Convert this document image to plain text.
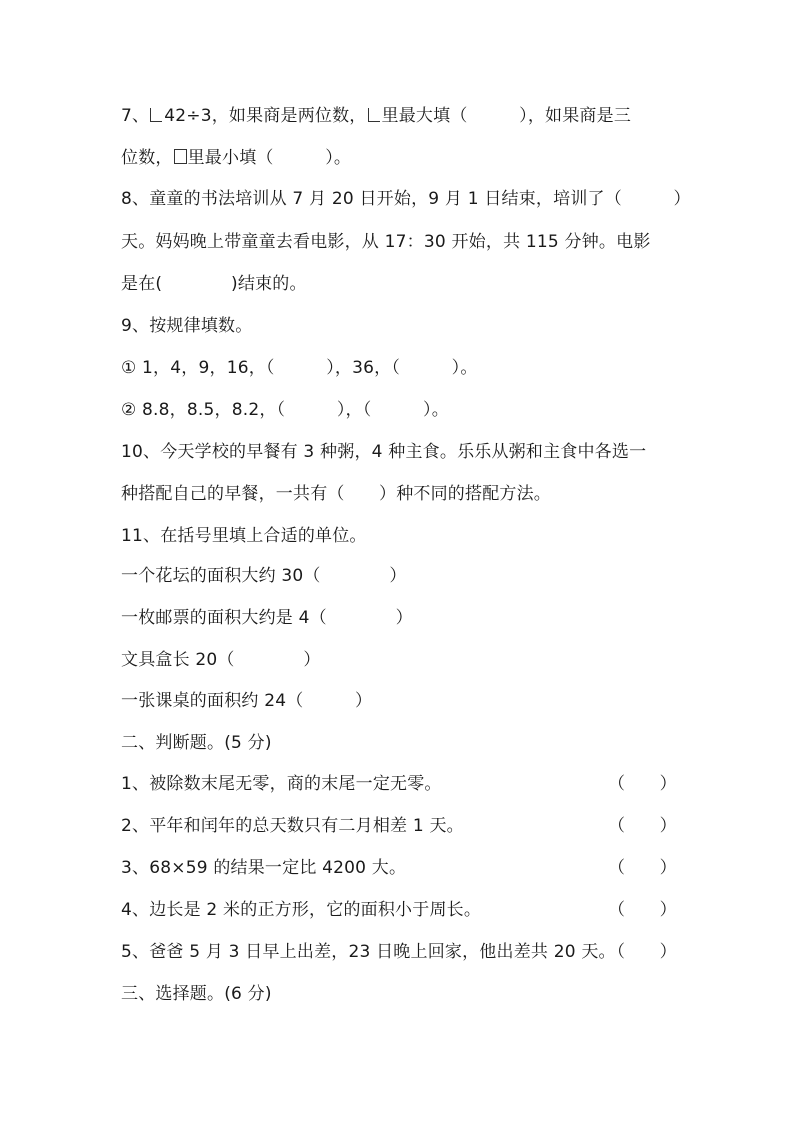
7、 42÷3，如果商是两位数， 里最大填（　　　），如果商是三
位数， 里最小填（　　　）。
8、童童的书法培训从 7 月 20 日开始，9 月 1 日结束，培训了（　　　）
天。妈妈晚上带童童去看电影，从 17：30 开始，共 115 分钟。电影
是在(　　　　)结束的。
9、按规律填数。
① 1，4，9，16，（　　　），36，（　　　）。
② 8.8，8.5，8.2，（　　　），（　　　）。
10、今天学校的早餐有 3 种粥，4 种主食。乐乐从粥和主食中各选一
种搭配自己的早餐，一共有（　　）种不同的搭配方法。
11、在括号里填上合适的单位。
一个花坛的面积大约 30（　　　　）
一枚邮票的面积大约是 4（　　　　）
文具盒长 20（　　　　）
一张课桌的面积约 24（　　　）
二、判断题。(5 分)
1、被除数末尾无零，商的末尾一定无零。	（　　）
2、平年和闰年的总天数只有二月相差 1 天。	（　　）
3、68×59 的结果一定比 4200 大。	（　　）
4、边长是 2 米的正方形，它的面积小于周长。	（　　）
5、爸爸 5 月 3 日早上出差，23 日晚上回家，他出差共 20 天。
（　　）
三、选择题。(6 分)
